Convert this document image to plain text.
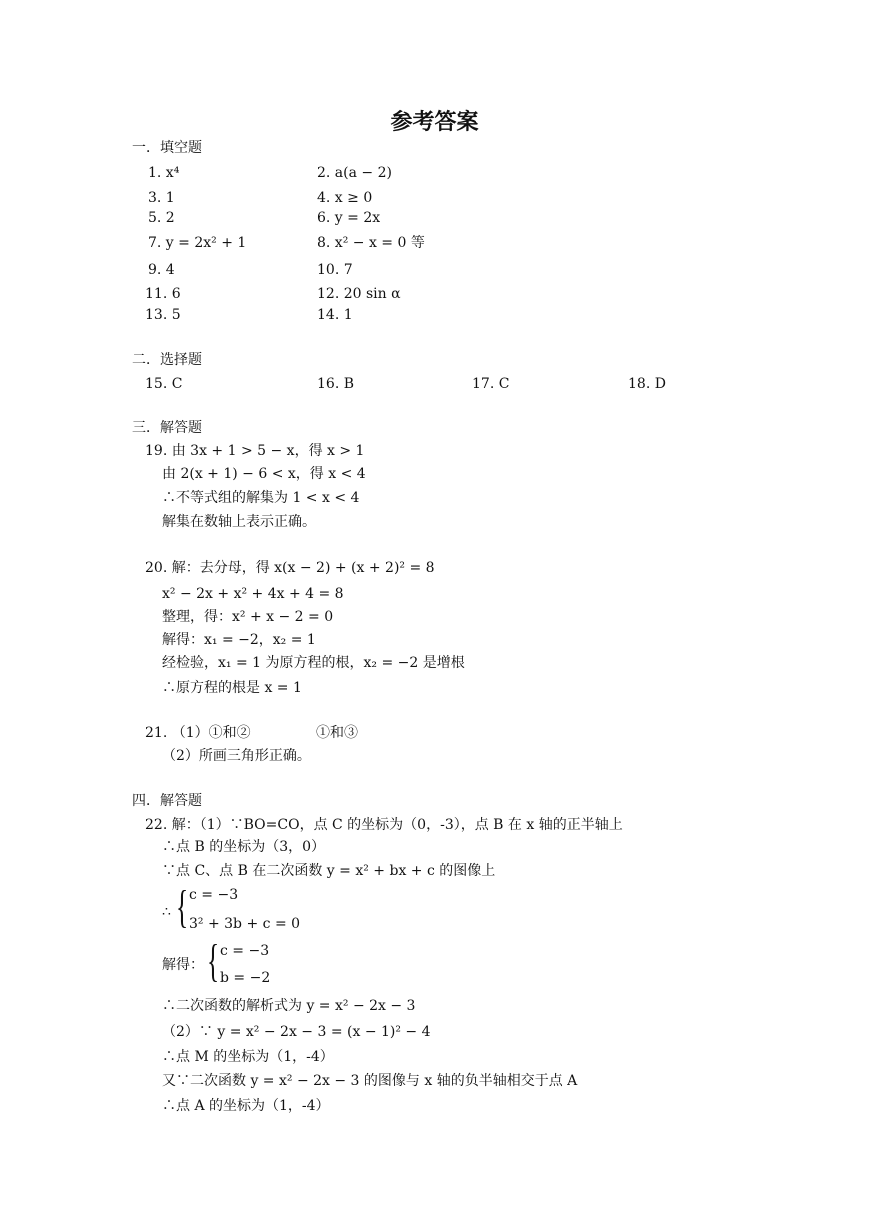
参考答案
一．填空题
1. x⁴	2. a(a − 2)
3. 1	4. x ≥ 0
5. 2	6. y = 2x
7. y = 2x² + 1	8. x² − x = 0 等
9. 4	10. 7
11. 6	12. 20 sin α
13. 5	14. 1
二．选择题
15. C	16. B	17. C	18. D
三．解答题
19. 由 3x + 1 > 5 − x，得 x > 1
由 2(x + 1) − 6 < x，得 x < 4
∴不等式组的解集为 1 < x < 4
解集在数轴上表示正确。
20. 解：去分母，得 x(x − 2) + (x + 2)² = 8
x² − 2x + x² + 4x + 4 = 8
整理，得：x² + x − 2 = 0
解得：x₁ = −2，x₂ = 1
经检验，x₁ = 1 为原方程的根，x₂ = −2 是增根
∴原方程的根是 x = 1
21. （1）①和②	①和③
（2）所画三角形正确。
四．解答题
22. 解：（1）∵BO=CO，点 C 的坐标为（0，-3），点 B 在 x 轴的正半轴上
∴点 B 的坐标为（3，0）
∵点 C、点 B 在二次函数 y = x² + bx + c 的图像上
∴ { c = −3
3² + 3b + c = 0
解得： { c = −3
b = −2
∴二次函数的解析式为 y = x² − 2x − 3
（2）∵ y = x² − 2x − 3 = (x − 1)² − 4
∴点 M 的坐标为（1，-4）
又∵二次函数 y = x² − 2x − 3 的图像与 x 轴的负半轴相交于点 A
∴点 A 的坐标为（1，-4）
